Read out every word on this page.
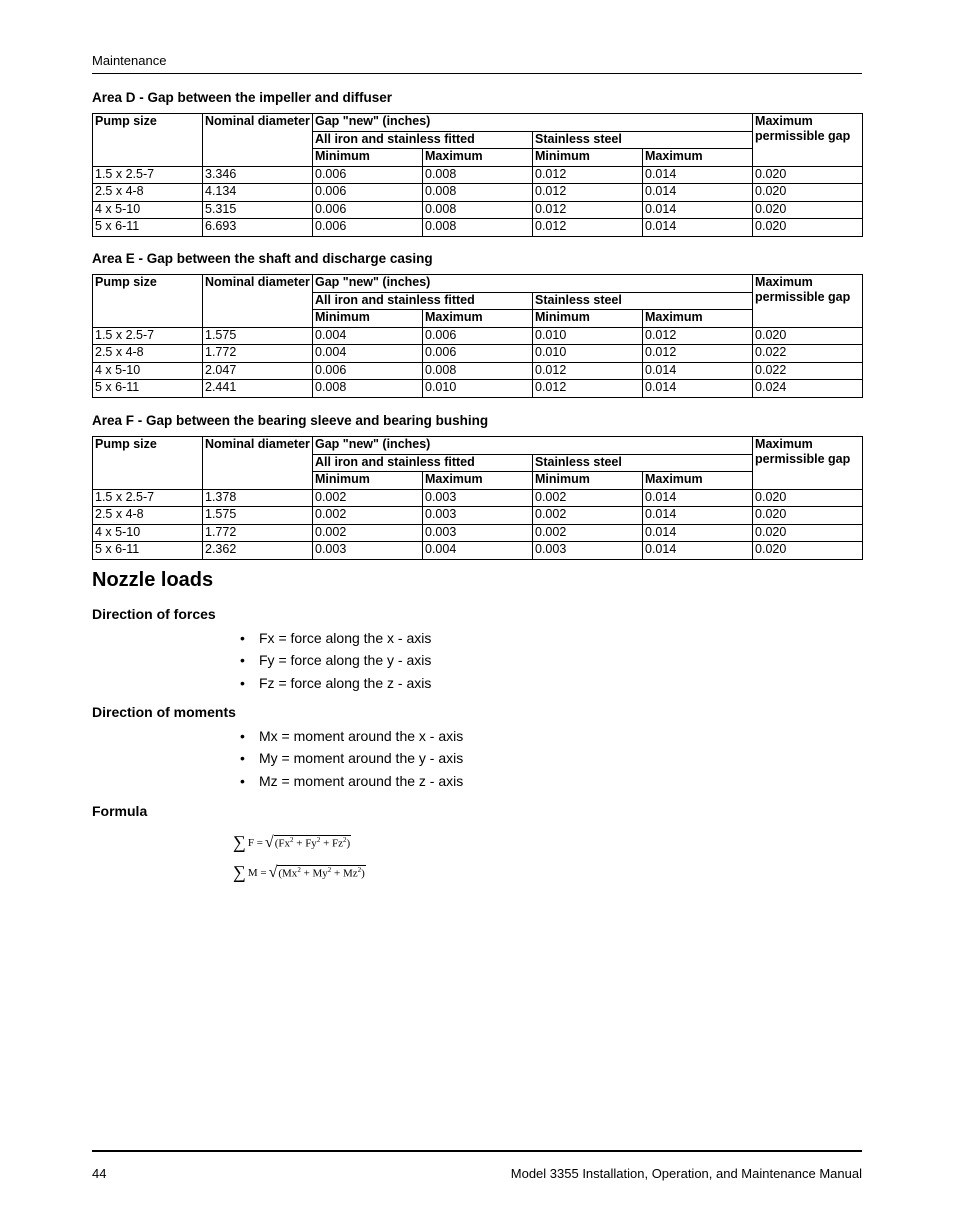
Maintenance
Area D - Gap between the impeller and diffuser
Pump size	Nominal diameter	Gap "new" (inches)				Maximum permissible gap
		All iron and stainless fitted		Stainless steel		
		Minimum	Maximum	Minimum	Maximum	
1.5 x 2.5-7	3.346	0.006	0.008	0.012	0.014	0.020
2.5 x 4-8	4.134	0.006	0.008	0.012	0.014	0.020
4 x 5-10	5.315	0.006	0.008	0.012	0.014	0.020
5 x 6-11	6.693	0.006	0.008	0.012	0.014	0.020
Area E - Gap between the shaft and discharge casing
Pump size	Nominal diameter	Gap "new" (inches)				Maximum permissible gap
		All iron and stainless fitted		Stainless steel		
		Minimum	Maximum	Minimum	Maximum	
1.5 x 2.5-7	1.575	0.004	0.006	0.010	0.012	0.020
2.5 x 4-8	1.772	0.004	0.006	0.010	0.012	0.022
4 x 5-10	2.047	0.006	0.008	0.012	0.014	0.022
5 x 6-11	2.441	0.008	0.010	0.012	0.014	0.024
Area F - Gap between the bearing sleeve and bearing bushing
Pump size	Nominal diameter	Gap "new" (inches)				Maximum permissible gap
		All iron and stainless fitted		Stainless steel		
		Minimum	Maximum	Minimum	Maximum	
1.5 x 2.5-7	1.378	0.002	0.003	0.002	0.014	0.020
2.5 x 4-8	1.575	0.002	0.003	0.002	0.014	0.020
4 x 5-10	1.772	0.002	0.003	0.002	0.014	0.020
5 x 6-11	2.362	0.003	0.004	0.003	0.014	0.020
Nozzle loads
Direction of forces
• Fx = force along the x - axis
• Fy = force along the y - axis
• Fz = force along the z - axis
Direction of moments
• Mx = moment around the x - axis
• My = moment around the y - axis
• Mz = moment around the z - axis
Formula
∑ F = √ $(Fx^2 + Fy^2 + Fz^2)$
∑ M = √ $(Mx^2 + My^2 + Mz^2)$
44	Model 3355 Installation, Operation, and Maintenance Manual
